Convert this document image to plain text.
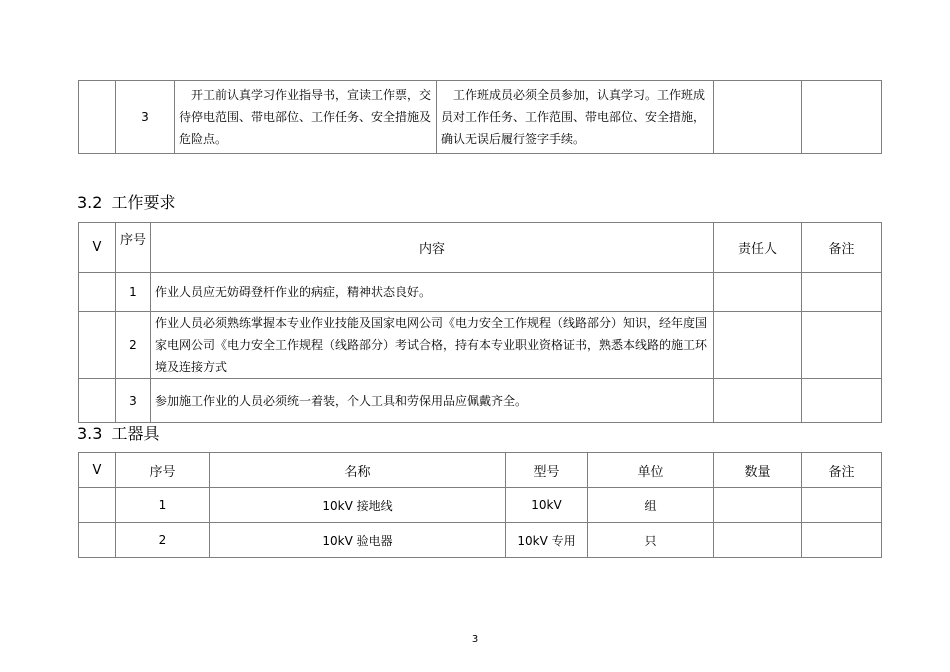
	3	开工前认真学习作业指导书，宣读工作票，交待停电范围、带电部位、工作任务、安全措施及危险点。	工作班成员必须全员参加，认真学习。工作班成员对工作任务、工作范围、带电部位、安全措施，确认无误后履行签字手续。		
3.2 工作要求
V	序号	内容	责任人	备注
	1	作业人员应无妨碍登杆作业的病症，精神状态良好。		
	2	作业人员必须熟练掌握本专业作业技能及国家电网公司《电力安全工作规程（线路部分）知识，经年度国家电网公司《电力安全工作规程（线路部分）考试合格，持有本专业职业资格证书，熟悉本线路的施工环境及连接方式		
	3	参加施工作业的人员必须统一着装，个人工具和劳保用品应佩戴齐全。		
3.3 工器具
V	序号	名称	型号	单位	数量	备注
	1	10kV 接地线	10kV	组		
	2	10kV 验电器	10kV 专用	只		
3
